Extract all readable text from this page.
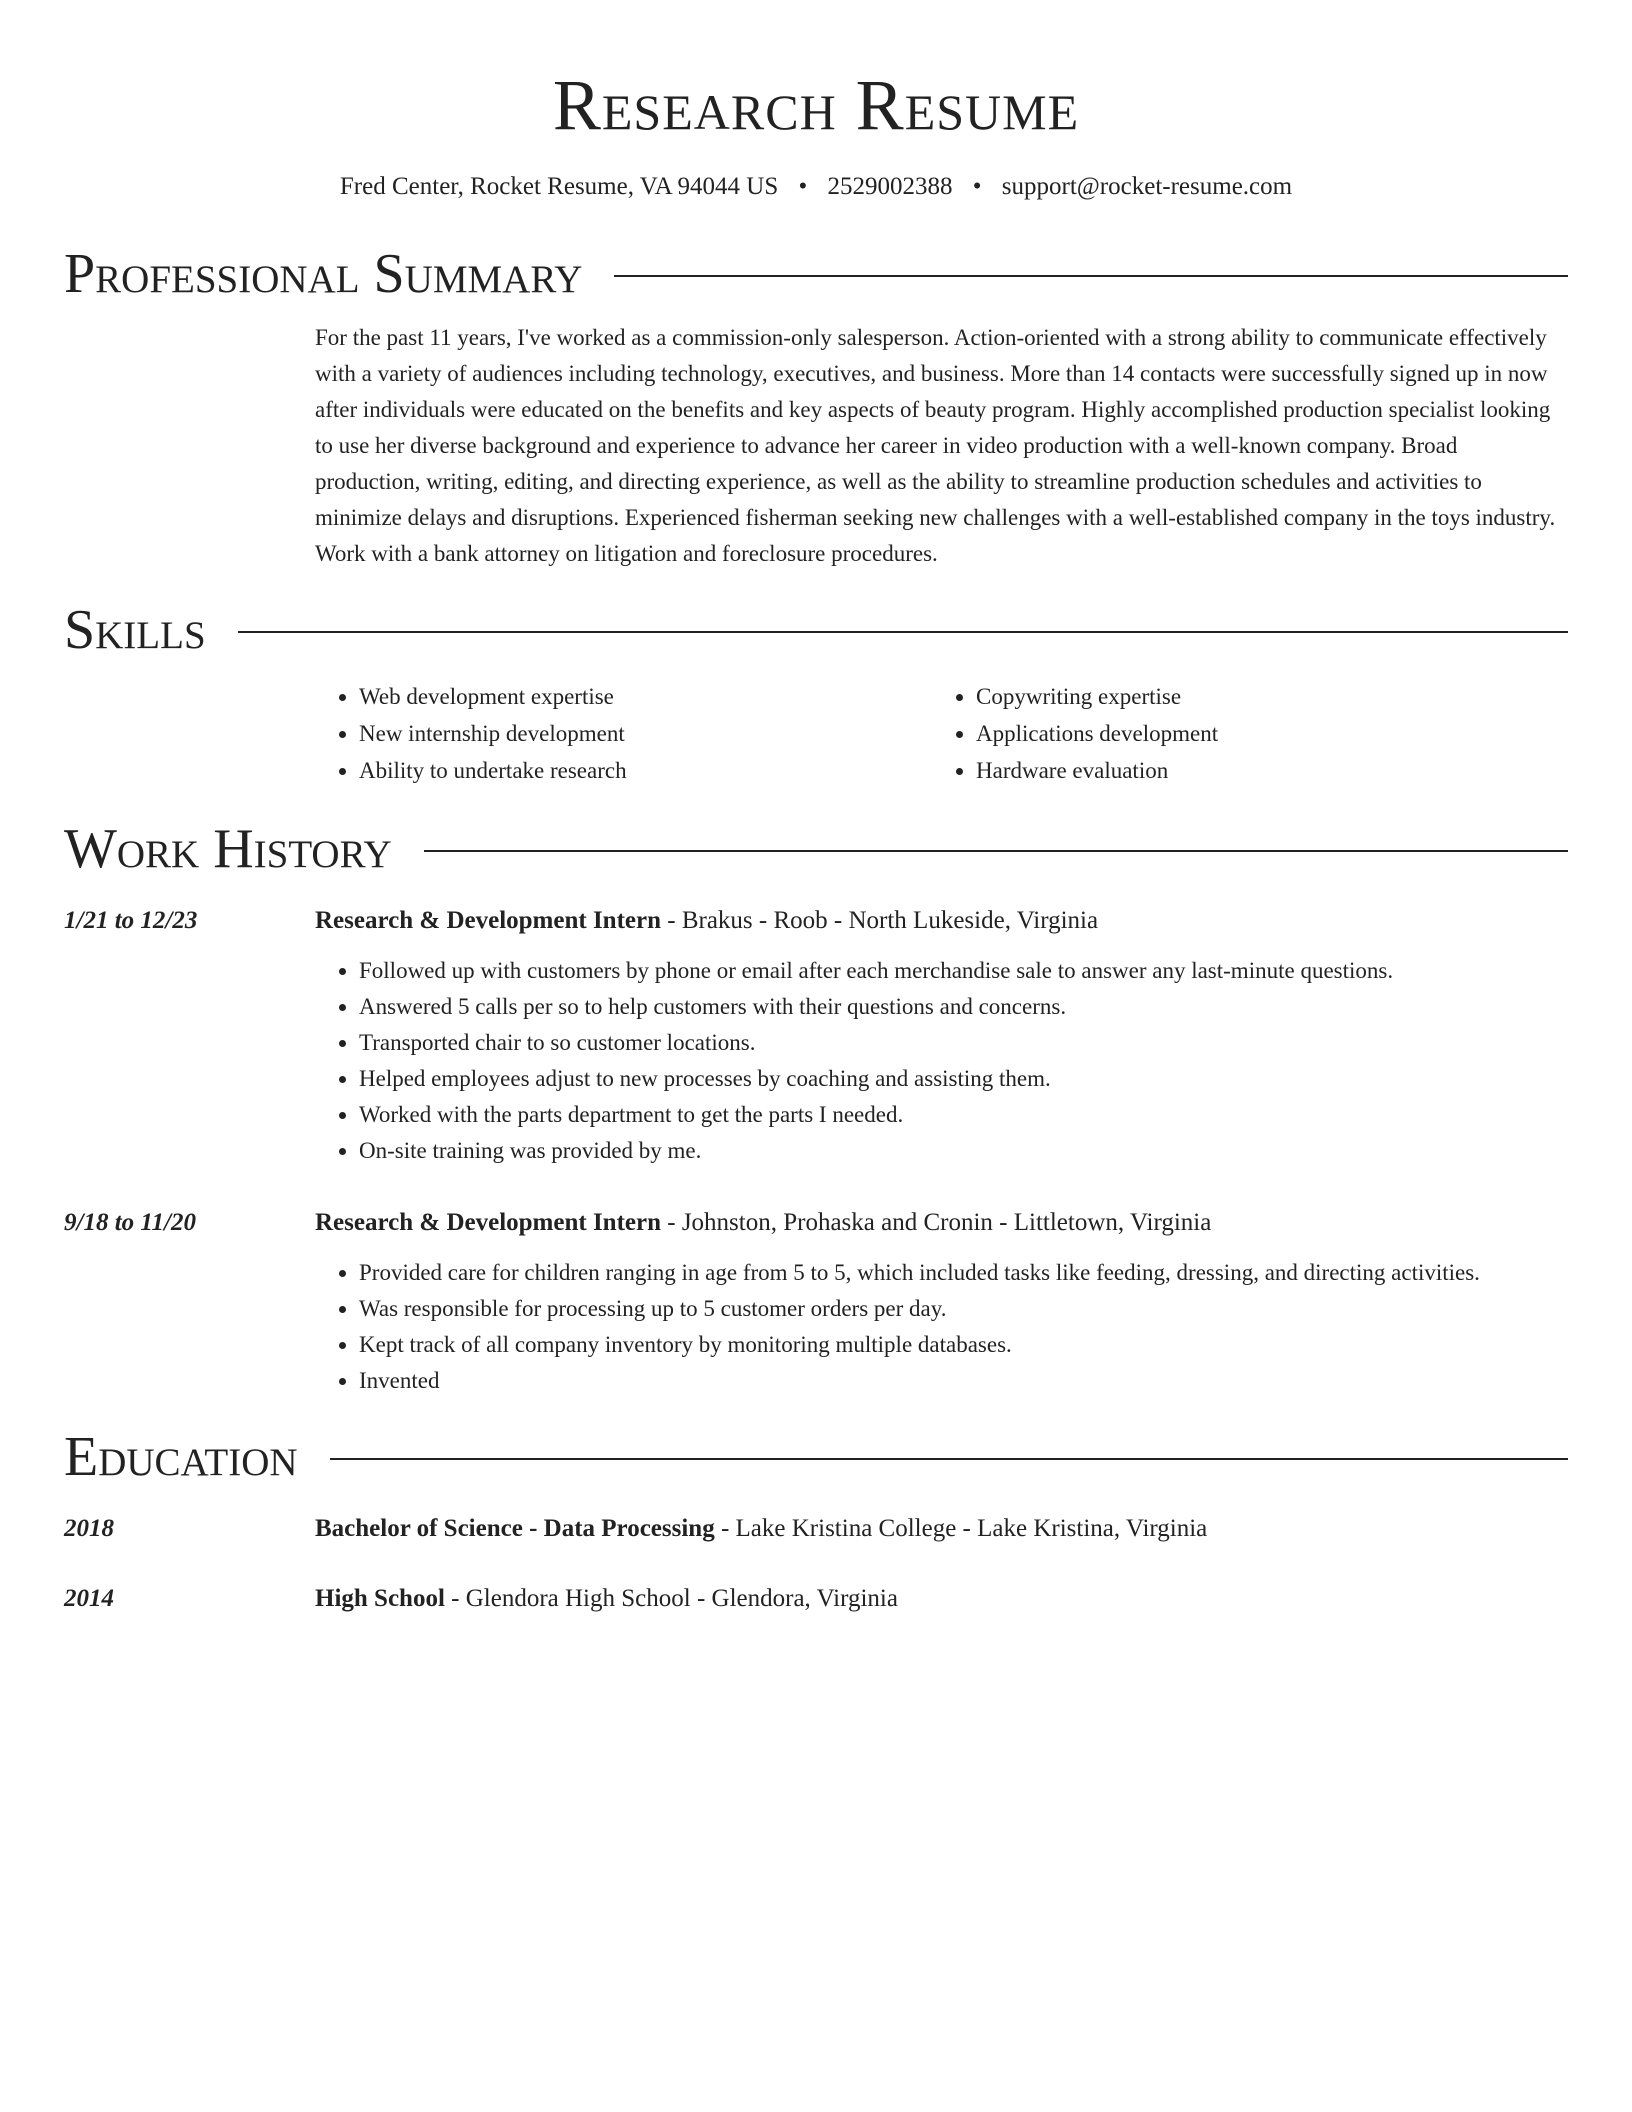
Research Resume
Fred Center, Rocket Resume, VA 94044 US • 2529002388 • support@rocket-resume.com
Professional Summary

For the past 11 years, I've worked as a commission-only salesperson. Action-oriented with a strong ability to communicate effectively with a variety of audiences including technology, executives, and business. More than 14 contacts were successfully signed up in now after individuals were educated on the benefits and key aspects of beauty program. Highly accomplished production specialist looking to use her diverse background and experience to advance her career in video production with a well-known company. Broad production, writing, editing, and directing experience, as well as the ability to streamline production schedules and activities to minimize delays and disruptions. Experienced fisherman seeking new challenges with a well-established company in the toys industry. Work with a bank attorney on litigation and foreclosure procedures.

Skills
• Web development expertise
• New internship development
• Ability to undertake research
• Copywriting expertise
• Applications development
• Hardware evaluation
Work History
1/21 to 12/23	Research & Development Intern - Brakus - Roob - North Lukeside, Virginia
• Followed up with customers by phone or email after each merchandise sale to answer any last-minute questions.
• Answered 5 calls per so to help customers with their questions and concerns.
• Transported chair to so customer locations.
• Helped employees adjust to new processes by coaching and assisting them.
• Worked with the parts department to get the parts I needed.
• On-site training was provided by me.
9/18 to 11/20	Research & Development Intern - Johnston, Prohaska and Cronin - Littletown, Virginia
• Provided care for children ranging in age from 5 to 5, which included tasks like feeding, dressing, and directing activities.
• Was responsible for processing up to 5 customer orders per day.
• Kept track of all company inventory by monitoring multiple databases.
• Invented
Education
2018	Bachelor of Science - Data Processing - Lake Kristina College - Lake Kristina, Virginia
2014	High School - Glendora High School - Glendora, Virginia
